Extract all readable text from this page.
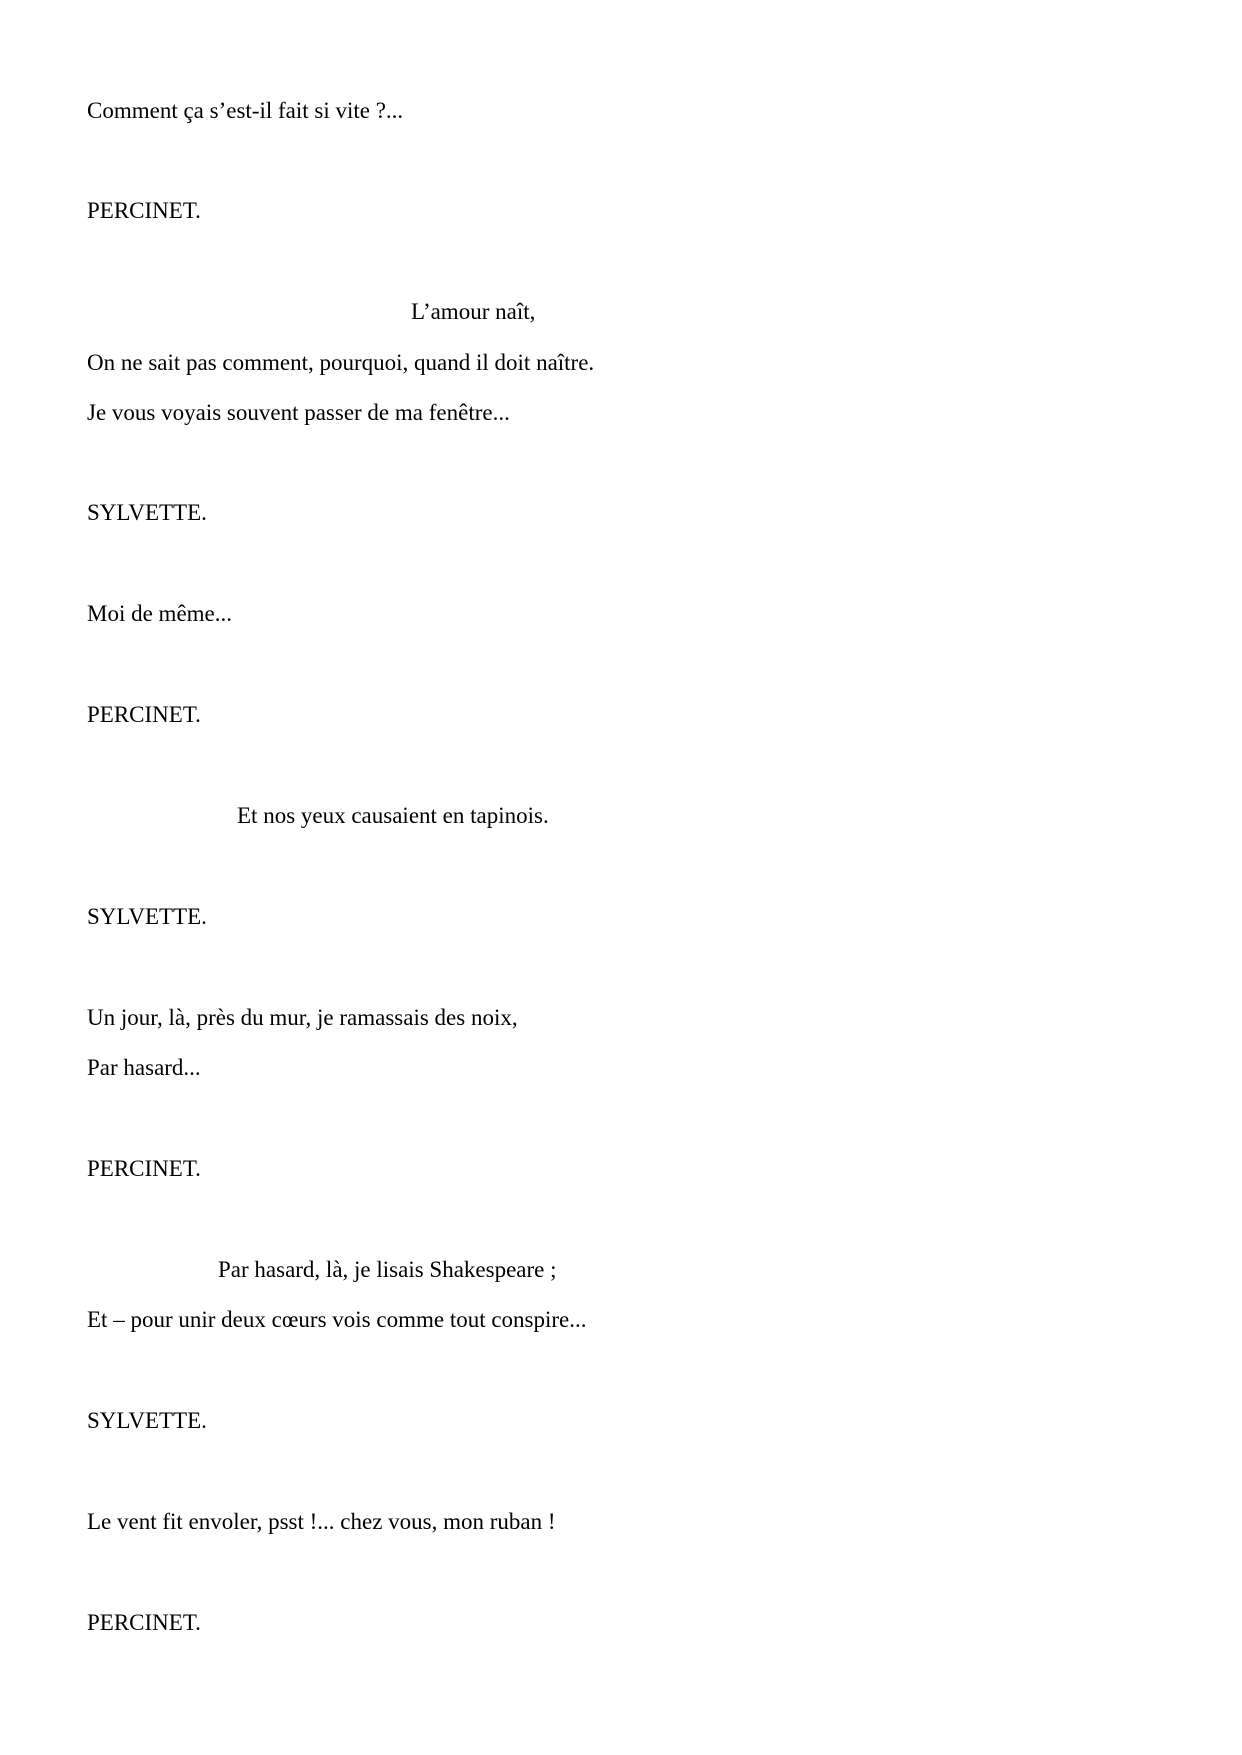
Comment ça s’est-il fait si vite ?...
PERCINET.
L’amour naît,
On ne sait pas comment, pourquoi, quand il doit naître.
Je vous voyais souvent passer de ma fenêtre...
SYLVETTE.
Moi de même...
PERCINET.
Et nos yeux causaient en tapinois.
SYLVETTE.
Un jour, là, près du mur, je ramassais des noix,
Par hasard...
PERCINET.
Par hasard, là, je lisais Shakespeare ;
Et – pour unir deux cœurs vois comme tout conspire...
SYLVETTE.
Le vent fit envoler, psst !... chez vous, mon ruban !
PERCINET.
